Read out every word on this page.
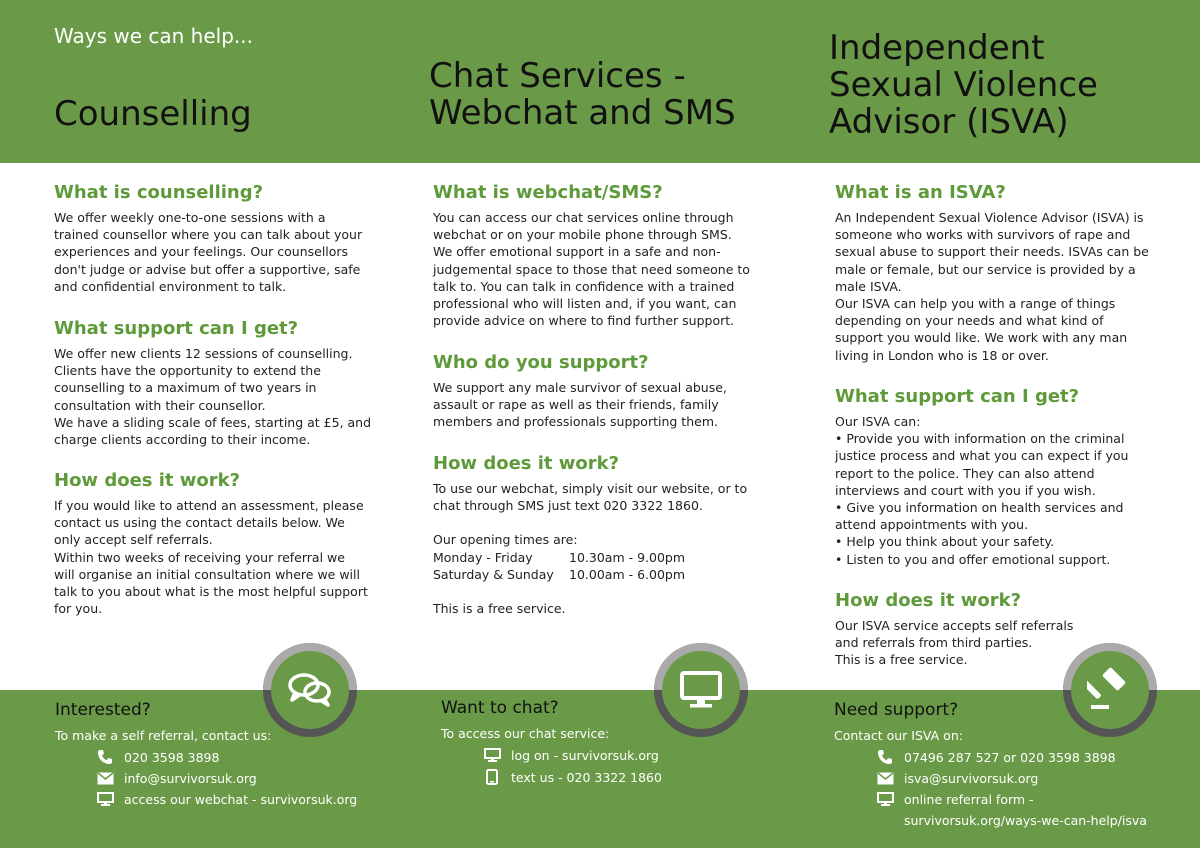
Ways we can help...
Counselling
Chat Services - Webchat and SMS
Independent Sexual Violence Advisor (ISVA)
What is counselling?

We offer weekly one-to-one sessions with a
trained counsellor where you can talk about your
experiences and your feelings. Our counsellors
don't judge or advise but offer a supportive, safe
and confidential environment to talk.

What support can I get?

We offer new clients 12 sessions of counselling.
Clients have the opportunity to extend the
counselling to a maximum of two years in
consultation with their counsellor.
We have a sliding scale of fees, starting at £5, and
charge clients according to their income.

How does it work?

If you would like to attend an assessment, please
contact us using the contact details below. We
only accept self referrals.
Within two weeks of receiving your referral we
will organise an initial consultation where we will
talk to you about what is the most helpful support
for you.

What is webchat/SMS?

You can access our chat services online through
webchat or on your mobile phone through SMS.
We offer emotional support in a safe and non-
judgemental space to those that need someone to
talk to. You can talk in confidence with a trained
professional who will listen and, if you want, can
provide advice on where to find further support.

Who do you support?

We support any male survivor of sexual abuse,
assault or rape as well as their friends, family
members and professionals supporting them.

How does it work?

To use our webchat, simply visit our website, or to
chat through SMS just text 020 3322 1860.

Our opening times are:

Monday - Friday	10.30am - 9.00pm
Saturday & Sunday	10.00am - 6.00pm

This is a free service.

What is an ISVA?

An Independent Sexual Violence Advisor (ISVA) is
someone who works with survivors of rape and
sexual abuse to support their needs. ISVAs can be
male or female, but our service is provided by a
male ISVA.
Our ISVA can help you with a range of things
depending on your needs and what kind of
support you would like. We work with any man
living in London who is 18 or over.

What support can I get?

Our ISVA can:
• Provide you with information on the criminal
justice process and what you can expect if you
report to the police. They can also attend
interviews and court with you if you wish.
• Give you information on health services and
attend appointments with you.
• Help you think about your safety.
• Listen to you and offer emotional support.

How does it work?

Our ISVA service accepts self referrals
and referrals from third parties.
This is a free service.

Interested?
To make a self referral, contact us:
020 3598 3898
info@survivorsuk.org
access our webchat - survivorsuk.org
Want to chat?
To access our chat service:
log on - survivorsuk.org
text us - 020 3322 1860
Need support?
Contact our ISVA on:
07496 287 527 or 020 3598 3898
isva@survivorsuk.org
online referral form -
survivorsuk.org/ways-we-can-help/isva
